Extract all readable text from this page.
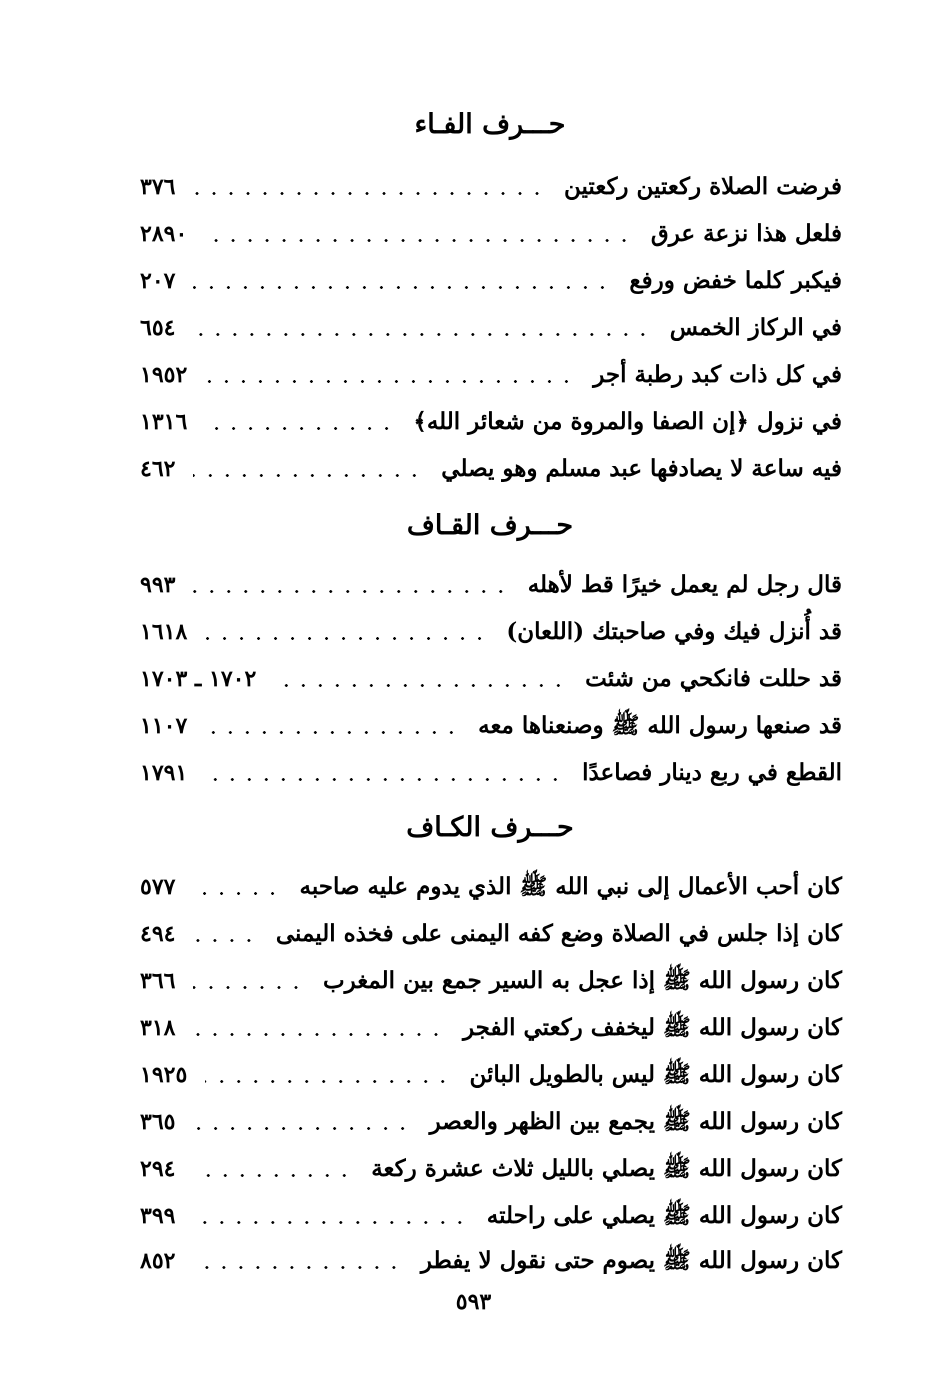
حـــرف الفـاء
فرضت الصلاة ركعتين ركعتين
٣٧٦
فلعل هذا نزعة عرق
٢٨٩٠
فيكبر كلما خفض ورفع
٢٠٧
في الركاز الخمس
٦٥٤
في كل ذات كبد رطبة أجر
١٩٥٢
في نزول ﴿إن الصفا والمروة من شعائر الله﴾
١٣١٦
فيه ساعة لا يصادفها عبد مسلم وهو يصلي
٤٦٢
حـــرف القـاف
قال رجل لم يعمل خيرًا قط لأهله
٩٩٣
قد أُنزل فيك وفي صاحبتك (اللعان)
١٦١٨
قد حللت فانكحي من شئت
١٧٠٢ ـ ١٧٠٣
قد صنعها رسول الله ﷺ وصنعناها معه
١١٠٧
القطع في ربع دينار فصاعدًا
١٧٩١
حـــرف الكـاف
كان أحب الأعمال إلى نبي الله ﷺ الذي يدوم عليه صاحبه
٥٧٧
كان إذا جلس في الصلاة وضع كفه اليمنى على فخذه اليمنى
٤٩٤
كان رسول الله ﷺ إذا عجل به السير جمع بين المغرب
٣٦٦
كان رسول الله ﷺ ليخفف ركعتي الفجر
٣١٨
كان رسول الله ﷺ ليس بالطويل البائن
١٩٢٥
كان رسول الله ﷺ يجمع بين الظهر والعصر
٣٦٥
كان رسول الله ﷺ يصلي بالليل ثلاث عشرة ركعة
٢٩٤
كان رسول الله ﷺ يصلي على راحلته
٣٩٩
كان رسول الله ﷺ يصوم حتى نقول لا يفطر
٨٥٢
٥٩٣
